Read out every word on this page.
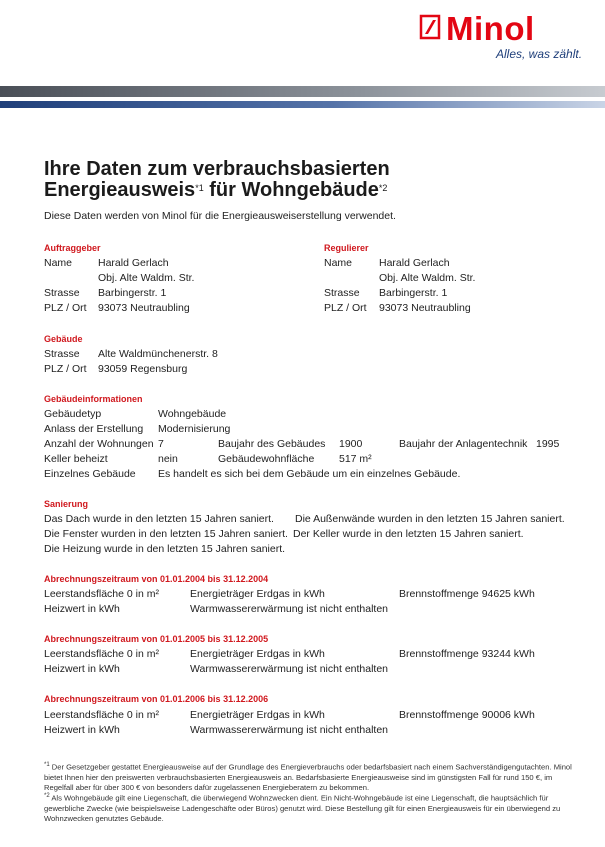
Minol
Alles, was zählt.
Ihre Daten zum verbrauchsbasierten
Energieausweis$^{*1}$ für Wohngebäude$^{*2}$
Diese Daten werden von Minol für die Energieausweiserstellung verwendet.
Auftraggeber
Name Harald Gerlach
Obj. Alte Waldm. Str.
Strasse Barbingerstr. 1
PLZ / Ort 93073 Neutraubling
Regulierer
Name	Harald Gerlach
Obj. Alte Waldm. Str.
Strasse Barbingerstr. 1
PLZ / Ort 93073 Neutraubling
Gebäude
Strasse Alte Waldmünchenerstr. 8
PLZ / Ort 93059 Regensburg
Gebäudeinformationen
Gebäudetyp	Wohngebäude
Anlass der Erstellung Modernisierung
Anzahl der Wohnungen 7	Baujahr des Gebäudes 1900	Baujahr der Anlagentechnik 1995
Keller beheizt	nein	Gebäudewohnfläche 517 m²
Einzelnes Gebäude Es handelt es sich bei dem Gebäude um ein einzelnes Gebäude.
Sanierung
Das Dach wurde in den letzten 15 Jahren saniert. Die Außenwände wurden in den letzten 15 Jahren saniert.
Die Fenster wurden in den letzten 15 Jahren saniert. Der Keller wurde in den letzten 15 Jahren saniert.
Die Heizung wurde in den letzten 15 Jahren saniert.
Abrechnungszeitraum von 01.01.2004 bis 31.12.2004
Leerstandsfläche 0 in m²	Energieträger Erdgas in kWh	Brennstoffmenge 94625 kWh
Heizwert in kWh	Warmwassererwärmung ist nicht enthalten
Abrechnungszeitraum von 01.01.2005 bis 31.12.2005
Leerstandsfläche 0 in m²	Energieträger Erdgas in kWh	Brennstoffmenge 93244 kWh
Heizwert in kWh	Warmwassererwärmung ist nicht enthalten
Abrechnungszeitraum von 01.01.2006 bis 31.12.2006
Leerstandsfläche 0 in m²	Energieträger Erdgas in kWh	Brennstoffmenge 90006 kWh
Heizwert in kWh	Warmwassererwärmung ist nicht enthalten
$^{*1}$ Der Gesetzgeber gestattet Energieausweise auf der Grundlage des Energieverbrauchs oder bedarfsbasiert nach einem Sachverständigengutachten. Minol bietet Ihnen hier den preiswerten verbrauchsbasierten Energieausweis an. Bedarfsbasierte Energieausweise sind im günstigsten Fall für rund 150 €, im Regelfall aber für über 300 € von besonders dafür zugelassenen Energieberatern zu bekommen.
$^{*2}$ Als Wohngebäude gilt eine Liegenschaft, die überwiegend Wohnzwecken dient. Ein Nicht-Wohngebäude ist eine Liegenschaft, die hauptsächlich für gewerbliche Zwecke (wie beispielsweise Ladengeschäfte oder Büros) genutzt wird. Diese Bestellung gilt für einen Energieausweis für ein überwiegend zu Wohnzwecken genutztes Gebäude.
